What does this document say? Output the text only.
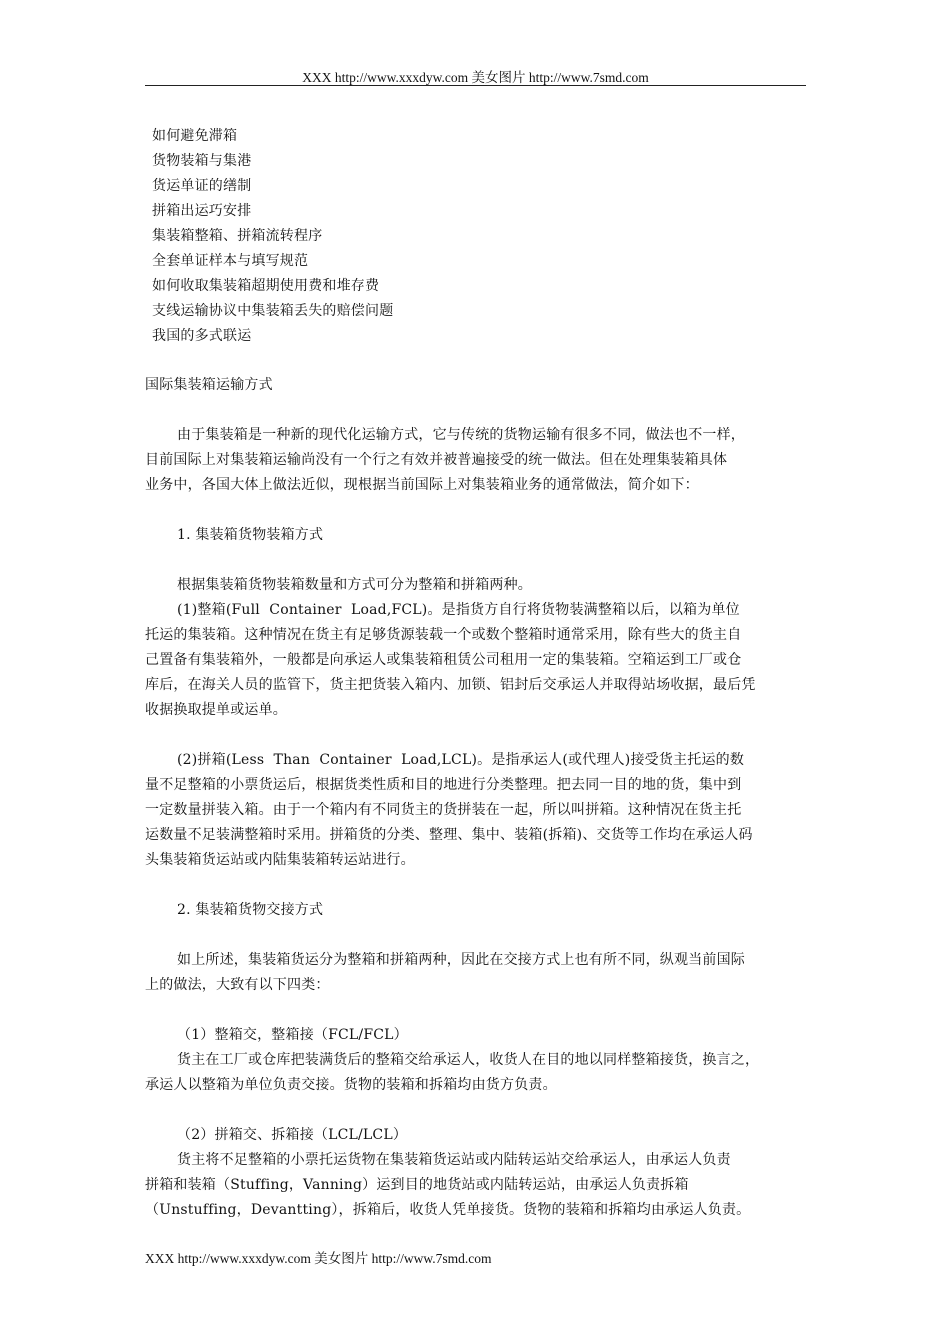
XXX http://www.xxxdyw.com 美女图片 http://www.7smd.com
如何避免滞箱
货物装箱与集港
货运单证的缮制
拼箱出运巧安排
集装箱整箱、拼箱流转程序
全套单证样本与填写规范
如何收取集装箱超期使用费和堆存费
支线运输协议中集装箱丢失的赔偿问题
我国的多式联运
国际集装箱运输方式
由于集装箱是一种新的现代化运输方式，它与传统的货物运输有很多不同，做法也不一样，
目前国际上对集装箱运输尚没有一个行之有效并被普遍接受的统一做法。但在处理集装箱具体
业务中，各国大体上做法近似，现根据当前国际上对集装箱业务的通常做法，简介如下：
1. 集装箱货物装箱方式
根据集装箱货物装箱数量和方式可分为整箱和拼箱两种。
(1)整箱(Full  Container  Load,FCL)。是指货方自行将货物装满整箱以后，以箱为单位
托运的集装箱。这种情况在货主有足够货源装载一个或数个整箱时通常采用，除有些大的货主自
己置备有集装箱外，一般都是向承运人或集装箱租赁公司租用一定的集装箱。空箱运到工厂或仓
库后，在海关人员的监管下，货主把货装入箱内、加锁、铝封后交承运人并取得站场收据，最后凭
收据换取提单或运单。
(2)拼箱(Less  Than  Container  Load,LCL)。是指承运人(或代理人)接受货主托运的数
量不足整箱的小票货运后，根据货类性质和目的地进行分类整理。把去同一目的地的货，集中到
一定数量拼装入箱。由于一个箱内有不同货主的货拼装在一起，所以叫拼箱。这种情况在货主托
运数量不足装满整箱时采用。拼箱货的分类、整理、集中、装箱(拆箱)、交货等工作均在承运人码
头集装箱货运站或内陆集装箱转运站进行。
2. 集装箱货物交接方式
如上所述，集装箱货运分为整箱和拼箱两种，因此在交接方式上也有所不同，纵观当前国际
上的做法，大致有以下四类：
（1）整箱交，整箱接（FCL/FCL）
货主在工厂或仓库把装满货后的整箱交给承运人，收货人在目的地以同样整箱接货，换言之，
承运人以整箱为单位负责交接。货物的装箱和拆箱均由货方负责。
（2）拼箱交、拆箱接（LCL/LCL）
货主将不足整箱的小票托运货物在集装箱货运站或内陆转运站交给承运人，由承运人负责
拼箱和装箱（Stuffing，Vanning）运到目的地货站或内陆转运站，由承运人负责拆箱
（Unstuffing，Devantting），拆箱后，收货人凭单接货。货物的装箱和拆箱均由承运人负责。
XXX http://www.xxxdyw.com 美女图片 http://www.7smd.com
